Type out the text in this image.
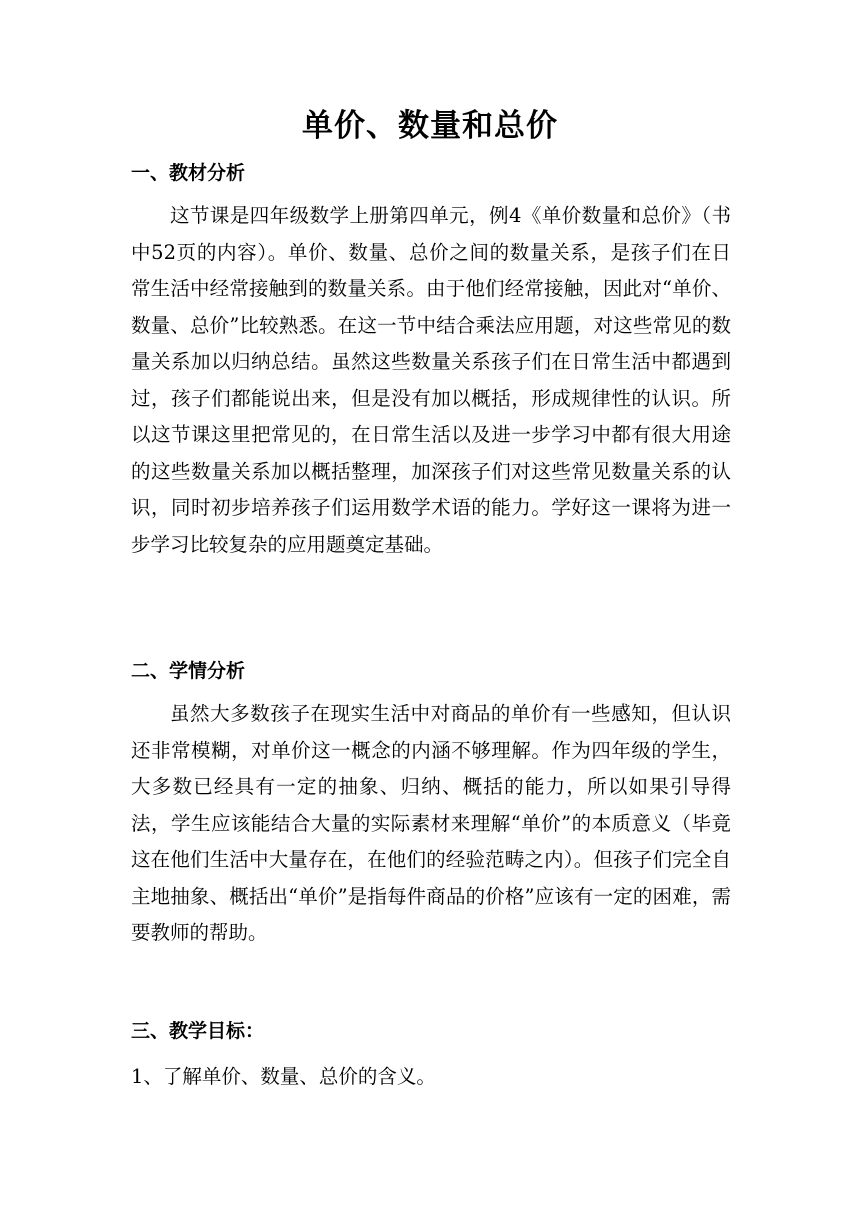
单价、数量和总价
一、教材分析

这节课是四年级数学上册第四单元，例4《单价数量和总价》（书中52页的内容）。单价、数量、总价之间的数量关系，是孩子们在日常生活中经常接触到的数量关系。由于他们经常接触，因此对“单价、数量、总价”比较熟悉。在这一节中结合乘法应用题，对这些常见的数量关系加以归纳总结。虽然这些数量关系孩子们在日常生活中都遇到过，孩子们都能说出来，但是没有加以概括，形成规律性的认识。所以这节课这里把常见的，在日常生活以及进一步学习中都有很大用途的这些数量关系加以概括整理，加深孩子们对这些常见数量关系的认识，同时初步培养孩子们运用数学术语的能力。学好这一课将为进一步学习比较复杂的应用题奠定基础。

二、学情分析

虽然大多数孩子在现实生活中对商品的单价有一些感知，但认识还非常模糊，对单价这一概念的内涵不够理解。作为四年级的学生，大多数已经具有一定的抽象、归纳、概括的能力，所以如果引导得法，学生应该能结合大量的实际素材来理解“单价”的本质意义（毕竟这在他们生活中大量存在，在他们的经验范畴之内）。但孩子们完全自主地抽象、概括出“单价”是指每件商品的价格”应该有一定的困难，需要教师的帮助。

三、教学目标：
1、了解单价、数量、总价的含义。
